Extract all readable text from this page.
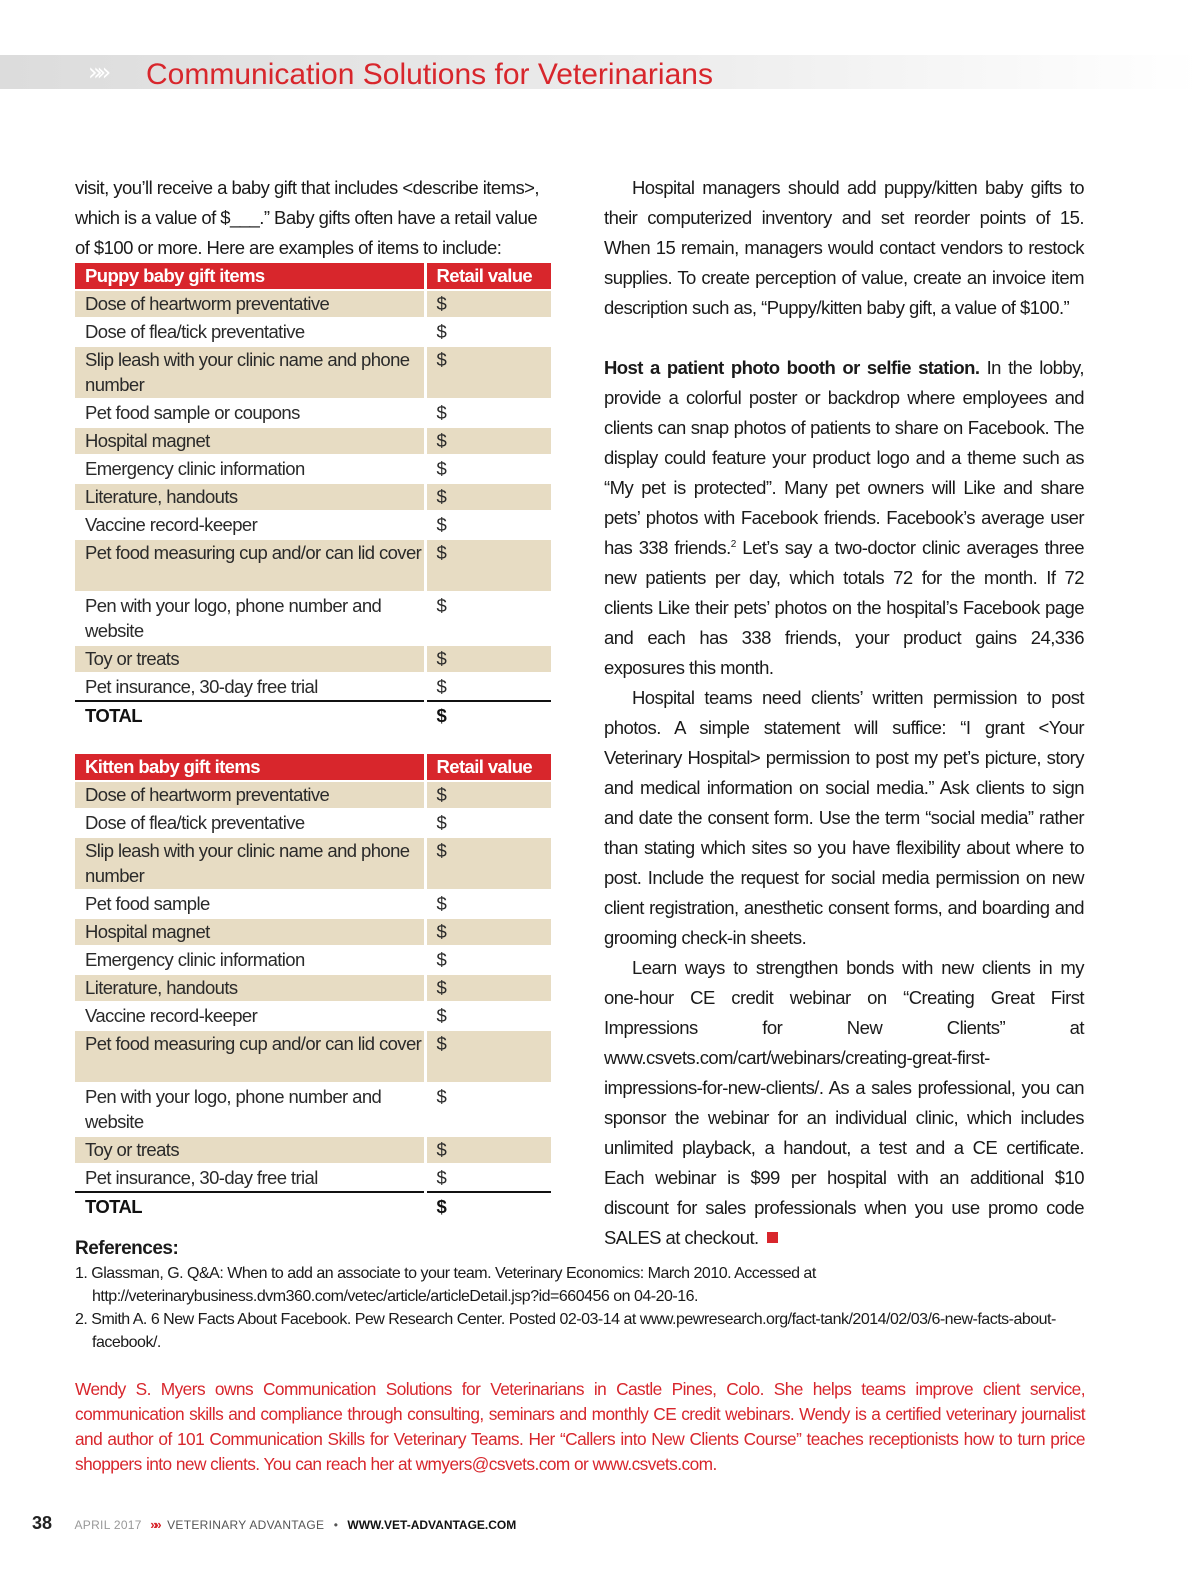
»» Communication Solutions for Veterinarians

visit, you’ll receive a baby gift that includes <describe items>, which is a value of $___.” Baby gifts often have a retail value of $100 or more. Here are examples of items to include:

Puppy baby gift items	Retail value
Dose of heartworm preventative	$
Dose of flea/tick preventative	$
Slip leash with your clinic name and phone number	$
Pet food sample or coupons	$
Hospital magnet	$
Emergency clinic information	$
Literature, handouts	$
Vaccine record-keeper	$
Pet food measuring cup and/or can lid cover	$
Pen with your logo, phone number and website	$
Toy or treats	$
Pet insurance, 30-day free trial	$
TOTAL	$
Kitten baby gift items	Retail value
Dose of heartworm preventative	$
Dose of flea/tick preventative	$
Slip leash with your clinic name and phone number	$
Pet food sample	$
Hospital magnet	$
Emergency clinic information	$
Literature, handouts	$
Vaccine record-keeper	$
Pet food measuring cup and/or can lid cover	$
Pen with your logo, phone number and website	$
Toy or treats	$
Pet insurance, 30-day free trial	$
TOTAL	$

Hospital managers should add puppy/kitten baby gifts to their computerized inventory and set reorder points of 15. When 15 remain, managers would contact vendors to restock supplies. To create perception of value, create an invoice item description such as, “Puppy/kitten baby gift, a value of $100.”

Host a patient photo booth or selfie station. In the lobby, provide a colorful poster or backdrop where employees and clients can snap photos of patients to share on Facebook. The display could feature your product logo and a theme such as “My pet is protected”. Many pet owners will Like and share pets’ photos with Facebook friends. Facebook’s average user has 338 friends.$^2$ Let’s say a two-doctor clinic averages three new patients per day, which totals 72 for the month. If 72 clients Like their pets’ photos on the hospital’s Facebook page and each has 338 friends, your product gains 24,336 exposures this month.

Hospital teams need clients’ written permission to post photos. A simple statement will suffice: “I grant <Your Veterinary Hospital> permission to post my pet’s picture, story and medical information on social media.” Ask clients to sign and date the consent form. Use the term “social media” rather than stating which sites so you have flexibility about where to post. Include the request for social media permission on new client registration, anesthetic consent forms, and boarding and grooming check-in sheets.

Learn ways to strengthen bonds with new clients in my one-hour CE credit webinar on “Creating Great First Impressions for New Clients” at www.csvets.com/cart/webinars/creating-great-first-impressions-for-new-clients/. As a sales professional, you can sponsor the webinar for an individual clinic, which includes unlimited playback, a handout, a test and a CE certificate. Each webinar is $99 per hospital with an additional $10 discount for sales professionals when you use promo code SALES at checkout.

References:
1. Glassman, G. Q&A: When to add an associate to your team. Veterinary Economics: March 2010. Accessed at http://veterinarybusiness.dvm360.com/vetec/article/articleDetail.jsp?id=660456 on 04-20-16.
2. Smith A. 6 New Facts About Facebook. Pew Research Center. Posted 02-03-14 at www.pewresearch.org/fact-tank/2014/02/03/6-new-facts-about-facebook/.

Wendy S. Myers owns Communication Solutions for Veterinarians in Castle Pines, Colo. She helps teams improve client service, communication skills and compliance through consulting, seminars and monthly CE credit webinars. Wendy is a certified veterinary journalist and author of 101 Communication Skills for Veterinary Teams. Her “Callers into New Clients Course” teaches receptionists how to turn price shoppers into new clients. You can reach her at wmyers@csvets.com or www.csvets.com.

38 APRIL 2017 »» VETERINARY ADVANTAGE • WWW.VET-ADVANTAGE.COM
